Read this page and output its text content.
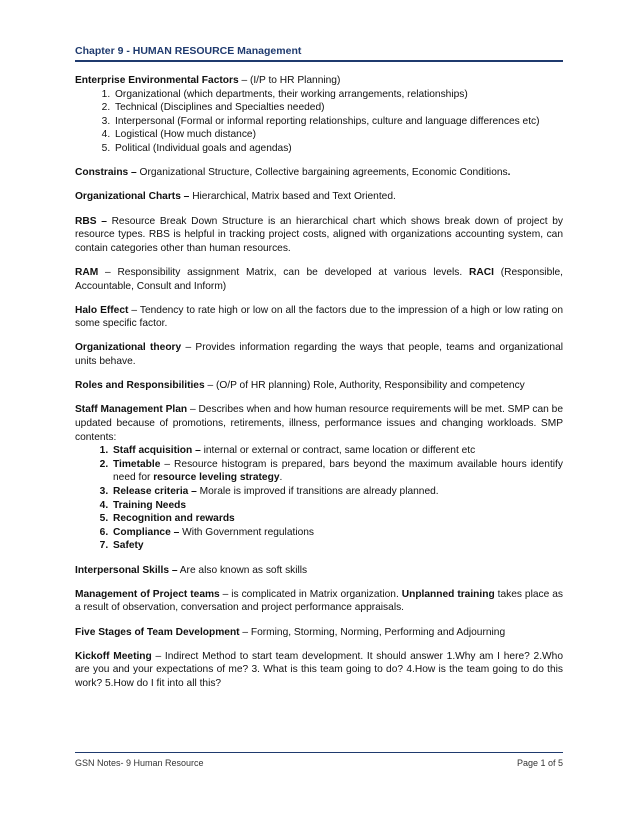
Chapter 9 - HUMAN RESOURCE Management

Enterprise Environmental Factors – (I/P to HR Planning)

1. Organizational (which departments, their working arrangements, relationships)
2. Technical (Disciplines and Specialties needed)
3. Interpersonal (Formal or informal reporting relationships, culture and language differences etc)
4. Logistical (How much distance)
5. Political (Individual goals and agendas)

Constrains – Organizational Structure, Collective bargaining agreements, Economic Conditions.

Organizational Charts – Hierarchical, Matrix based and Text Oriented.

RBS – Resource Break Down Structure is an hierarchical chart which shows break down of project by resource types. RBS is helpful in tracking project costs, aligned with organizations accounting system, can contain categories other than human resources.

RAM – Responsibility assignment Matrix, can be developed at various levels. RACI (Responsible, Accountable, Consult and Inform)

Halo Effect – Tendency to rate high or low on all the factors due to the impression of a high or low rating on some specific factor.

Organizational theory – Provides information regarding the ways that people, teams and organizational units behave.

Roles and Responsibilities – (O/P of HR planning) Role, Authority, Responsibility and competency

Staff Management Plan – Describes when and how human resource requirements will be met. SMP can be updated because of promotions, retirements, illness, performance issues and changing workloads. SMP contents:

1. Staff acquisition – internal or external or contract, same location or different etc
2. Timetable – Resource histogram is prepared, bars beyond the maximum available hours identify need for resource leveling strategy.
3. Release criteria – Morale is improved if transitions are already planned.
4. Training Needs
5. Recognition and rewards
6. Compliance – With Government regulations
7. Safety

Interpersonal Skills – Are also known as soft skills

Management of Project teams – is complicated in Matrix organization. Unplanned training takes place as a result of observation, conversation and project performance appraisals.

Five Stages of Team Development – Forming, Storming, Norming, Performing and Adjourning

Kickoff Meeting – Indirect Method to start team development. It should answer 1.Why am I here? 2.Who are you and your expectations of me? 3. What is this team going to do? 4.How is the team going to do this work? 5.How do I fit into all this?

GSN Notes- 9 Human Resource	Page 1 of 5
